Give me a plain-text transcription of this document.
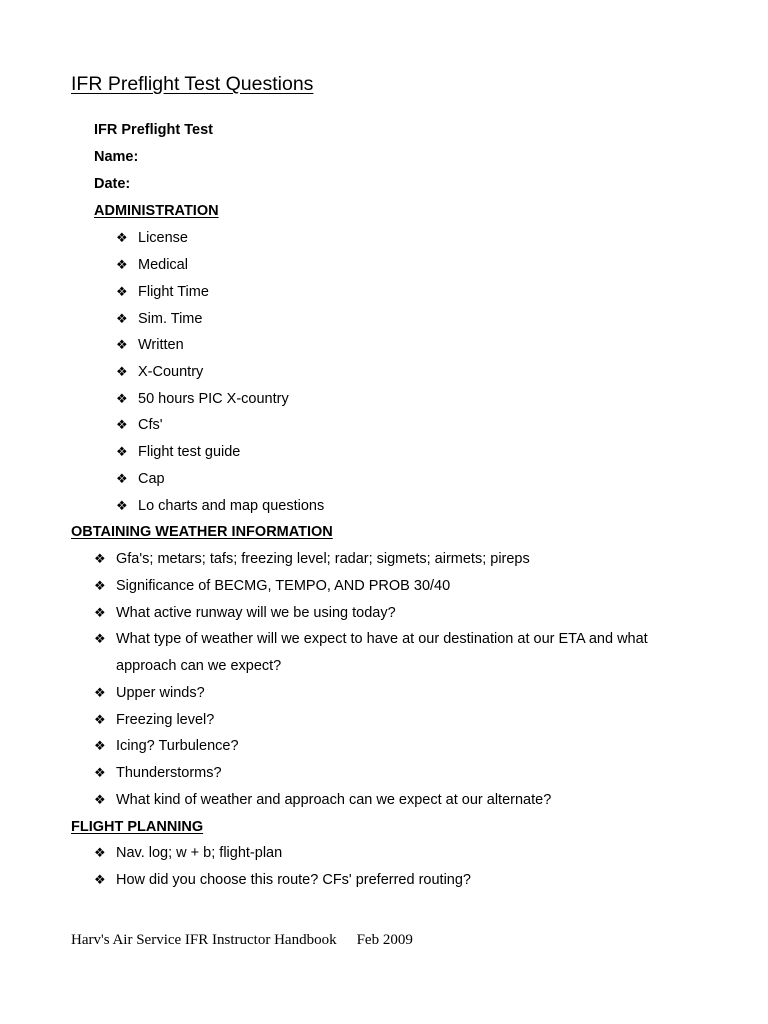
IFR Preflight Test Questions
IFR Preflight Test
Name:
Date:
ADMINISTRATION
❖ License
❖ Medical
❖ Flight Time
❖ Sim. Time
❖ Written
❖ X-Country
❖ 50 hours PIC X-country
❖ Cfs'
❖ Flight test guide
❖ Cap
❖ Lo charts and map questions
OBTAINING WEATHER INFORMATION
❖ Gfa's; metars; tafs; freezing level; radar; sigmets; airmets; pireps
❖ Significance of BECMG, TEMPO, AND PROB 30/40
❖ What active runway will we be using today?
❖ What type of weather will we expect to have at our destination at our ETA and what
approach can we expect?
❖ Upper winds?
❖ Freezing level?
❖ Icing? Turbulence?
❖ Thunderstorms?
❖ What kind of weather and approach can we expect at our alternate?
FLIGHT PLANNING
❖ Nav. log; w + b; flight-plan
❖ How did you choose this route? CFs' preferred routing?
Harv's Air Service IFR Instructor Handbook Feb 2009
